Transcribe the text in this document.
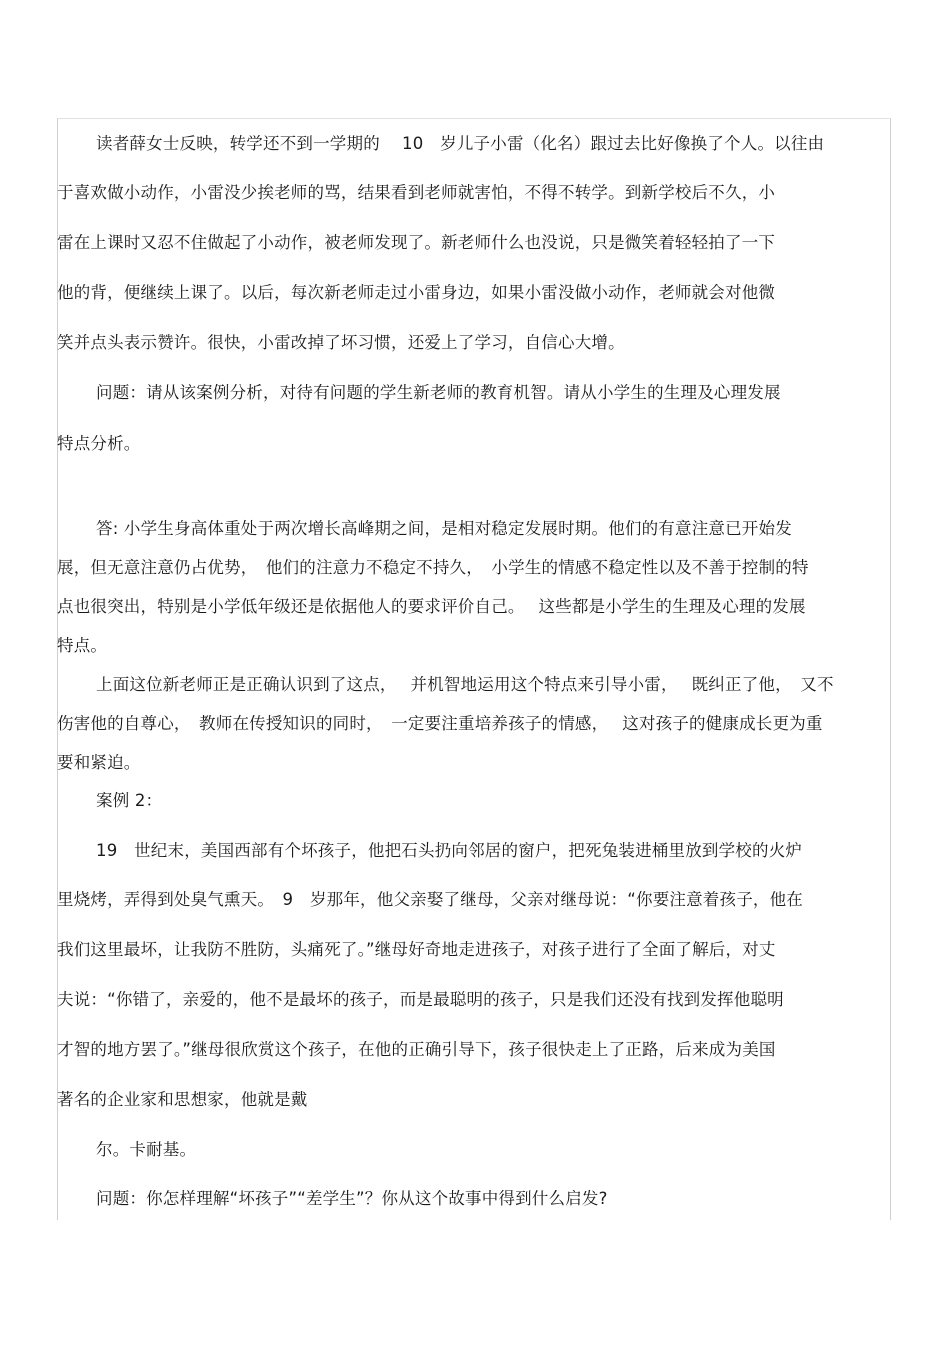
读者薛女士反映，转学还不到一学期的　 10　岁儿子小雷（化名）跟过去比好像换了个人。以往由
于喜欢做小动作，小雷没少挨老师的骂，结果看到老师就害怕，不得不转学。到新学校后不久，小
雷在上课时又忍不住做起了小动作，被老师发现了。新老师什么也没说，只是微笑着轻轻拍了一下
他的背，便继续上课了。以后，每次新老师走过小雷身边，如果小雷没做小动作，老师就会对他微
笑并点头表示赞许。很快，小雷改掉了坏习惯，还爱上了学习，自信心大增。
问题：请从该案例分析，对待有问题的学生新老师的教育机智。请从小学生的生理及心理发展
特点分析。
答: 小学生身高体重处于两次增长高峰期之间，是相对稳定发展时期。他们的有意注意已开始发
展，但无意注意仍占优势，　他们的注意力不稳定不持久，　小学生的情感不稳定性以及不善于控制的特
点也很突出，特别是小学低年级还是依据他人的要求评价自己。　 这些都是小学生的生理及心理的发展
特点。
上面这位新老师正是正确认识到了这点，　 并机智地运用这个特点来引导小雷，　 既纠正了他，　又不
伤害他的自尊心，　教师在传授知识的同时，　一定要注重培养孩子的情感，　 这对孩子的健康成长更为重
要和紧迫。
案例 2：
19　世纪末，美国西部有个坏孩子，他把石头扔向邻居的窗户，把死兔装进桶里放到学校的火炉
里烧烤，弄得到处臭气熏天。　9　岁那年，他父亲娶了继母，父亲对继母说：“你要注意着孩子，他在
我们这里最坏，让我防不胜防，头痛死了。”继母好奇地走进孩子，对孩子进行了全面了解后，对丈
夫说：“你错了，亲爱的，他不是最坏的孩子，而是最聪明的孩子，只是我们还没有找到发挥他聪明
才智的地方罢了。”继母很欣赏这个孩子，在他的正确引导下，孩子很快走上了正路，后来成为美国
著名的企业家和思想家，他就是戴
尔。卡耐基。
问题：你怎样理解“坏孩子”“差学生”？你从这个故事中得到什么启发?
